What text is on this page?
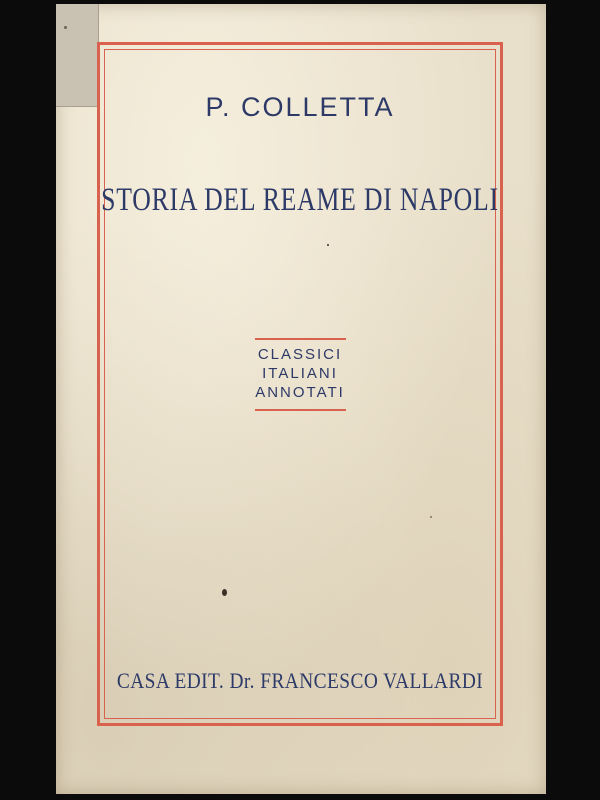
P. COLLETTA
STORIA DEL REAME DI NAPOLI
CLASSICI
ITALIANI
ANNOTATI
CASA EDIT. Dr. FRANCESCO VALLARDI
